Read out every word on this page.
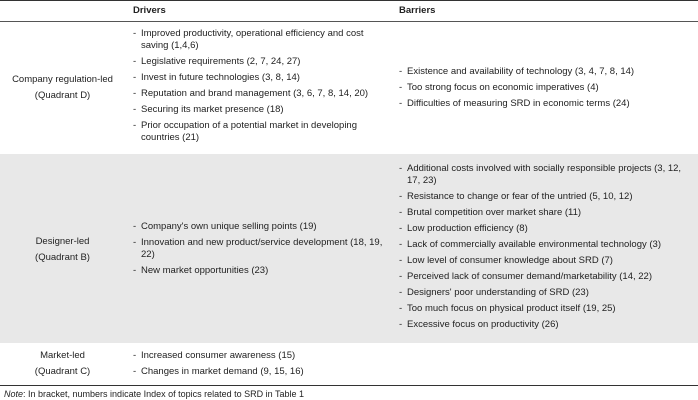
Drivers	Barriers
Company regulation-led
(Quadrant D)
- Improved productivity, operational efficiency and cost saving (1,4,6)
- Legislative requirements (2, 7, 24, 27)
- Invest in future technologies (3, 8, 14)
- Reputation and brand management (3, 6, 7, 8, 14, 20)
- Securing its market presence (18)
- Prior occupation of a potential market in developing countries (21)
- Existence and availability of technology (3, 4, 7, 8, 14)
- Too strong focus on economic imperatives (4)
- Difficulties of measuring SRD in economic terms (24)
Designer-led
(Quadrant B)
- Company's own unique selling points (19)
- Innovation and new product/service development (18, 19, 22)
- New market opportunities (23)
- Additional costs involved with socially responsible projects (3, 12, 17, 23)
- Resistance to change or fear of the untried (5, 10, 12)
- Brutal competition over market share (11)
- Low production efficiency (8)
- Lack of commercially available environmental technology (3)
- Low level of consumer knowledge about SRD (7)
- Perceived lack of consumer demand/marketability (14, 22)
- Designers' poor understanding of SRD (23)
- Too much focus on physical product itself (19, 25)
- Excessive focus on productivity (26)
Market-led
(Quadrant C)
- Increased consumer awareness (15)
- Changes in market demand (9, 15, 16)
Note: In bracket, numbers indicate Index of topics related to SRD in Table 1
